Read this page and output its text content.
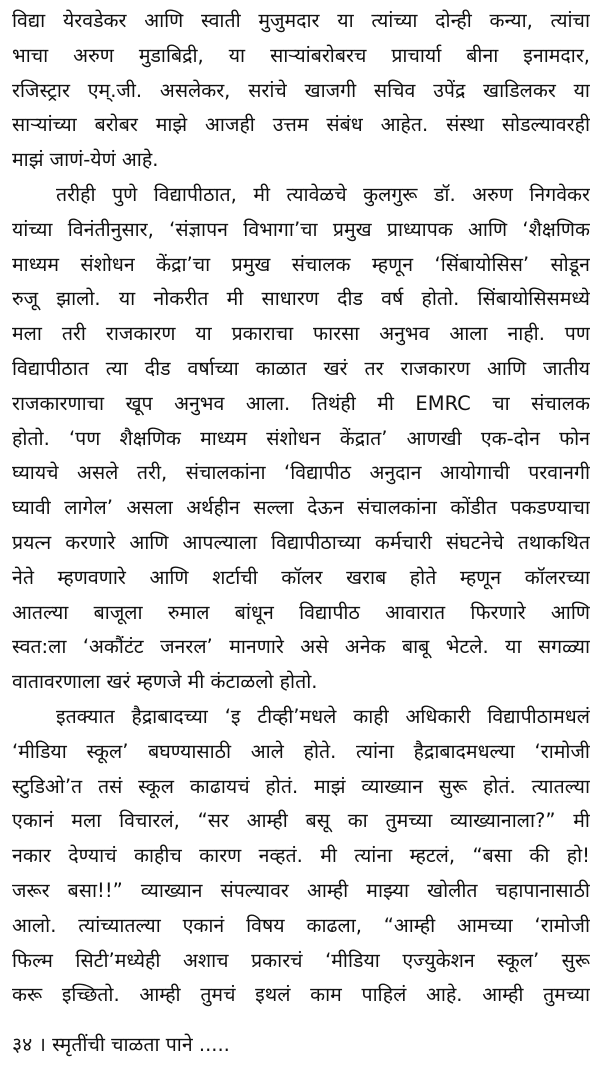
विद्या येरवडेकर आणि स्वाती मुजुमदार या त्यांच्या दोन्ही कन्या, त्यांचा
भाचा अरुण मुडाबिद्री, या साऱ्यांबरोबरच प्राचार्या बीना इनामदार,
रजिस्ट्रार एम्.जी. असलेकर, सरांचे खाजगी सचिव उपेंद्र खाडिलकर या
साऱ्यांच्या बरोबर माझे आजही उत्तम संबंध आहेत. संस्था सोडल्यावरही
माझं जाणं-येणं आहे.
तरीही पुणे विद्यापीठात, मी त्यावेळचे कुलगुरू डॉ. अरुण निगवेकर
यांच्या विनंतीनुसार, ‘संज्ञापन विभागा’चा प्रमुख प्राध्यापक आणि ‘शैक्षणिक
माध्यम संशोधन केंद्रा’चा प्रमुख संचालक म्हणून ‘सिंबायोसिस’ सोडून
रुजू झालो. या नोकरीत मी साधारण दीड वर्ष होतो. सिंबायोसिसमध्ये
मला तरी राजकारण या प्रकाराचा फारसा अनुभव आला नाही. पण
विद्यापीठात त्या दीड वर्षाच्या काळात खरं तर राजकारण आणि जातीय
राजकारणाचा खूप अनुभव आला. तिथंही मी EMRC चा संचालक
होतो. ‘पण शैक्षणिक माध्यम संशोधन केंद्रात’ आणखी एक-दोन फोन
घ्यायचे असले तरी, संचालकांना ‘विद्यापीठ अनुदान आयोगाची परवानगी
घ्यावी लागेल’ असला अर्थहीन सल्ला देऊन संचालकांना कोंडीत पकडण्याचा
प्रयत्न करणारे आणि आपल्याला विद्यापीठाच्या कर्मचारी संघटनेचे तथाकथित
नेते म्हणवणारे आणि शर्टाची कॉलर खराब होते म्हणून कॉलरच्या
आतल्या बाजूला रुमाल बांधून विद्यापीठ आवारात फिरणारे आणि
स्वत:ला ‘अकौंटंट जनरल’ मानणारे असे अनेक बाबू भेटले. या सगळ्या
वातावरणाला खरं म्हणजे मी कंटाळलो होतो.
इतक्यात हैद्राबादच्या ‘इ टीव्ही’मधले काही अधिकारी विद्यापीठामधलं
‘मीडिया स्कूल’ बघण्यासाठी आले होते. त्यांना हैद्राबादमधल्या ‘रामोजी
स्टुडिओ’त तसं स्कूल काढायचं होतं. माझं व्याख्यान सुरू होतं. त्यातल्या
एकानं मला विचारलं, “सर आम्ही बसू का तुमच्या व्याख्यानाला?” मी
नकार देण्याचं काहीच कारण नव्हतं. मी त्यांना म्हटलं, “बसा की हो!
जरूर बसा!!” व्याख्यान संपल्यावर आम्ही माझ्या खोलीत चहापानासाठी
आलो. त्यांच्यातल्या एकानं विषय काढला, “आम्ही आमच्या ‘रामोजी
फिल्म सिटी’मध्येही अशाच प्रकारचं ‘मीडिया एज्युकेशन स्कूल’ सुरू
करू इच्छितो. आम्ही तुमचं इथलं काम पाहिलं आहे. आम्ही तुमच्या
३४ । स्मृतींची चाळता पाने .....
